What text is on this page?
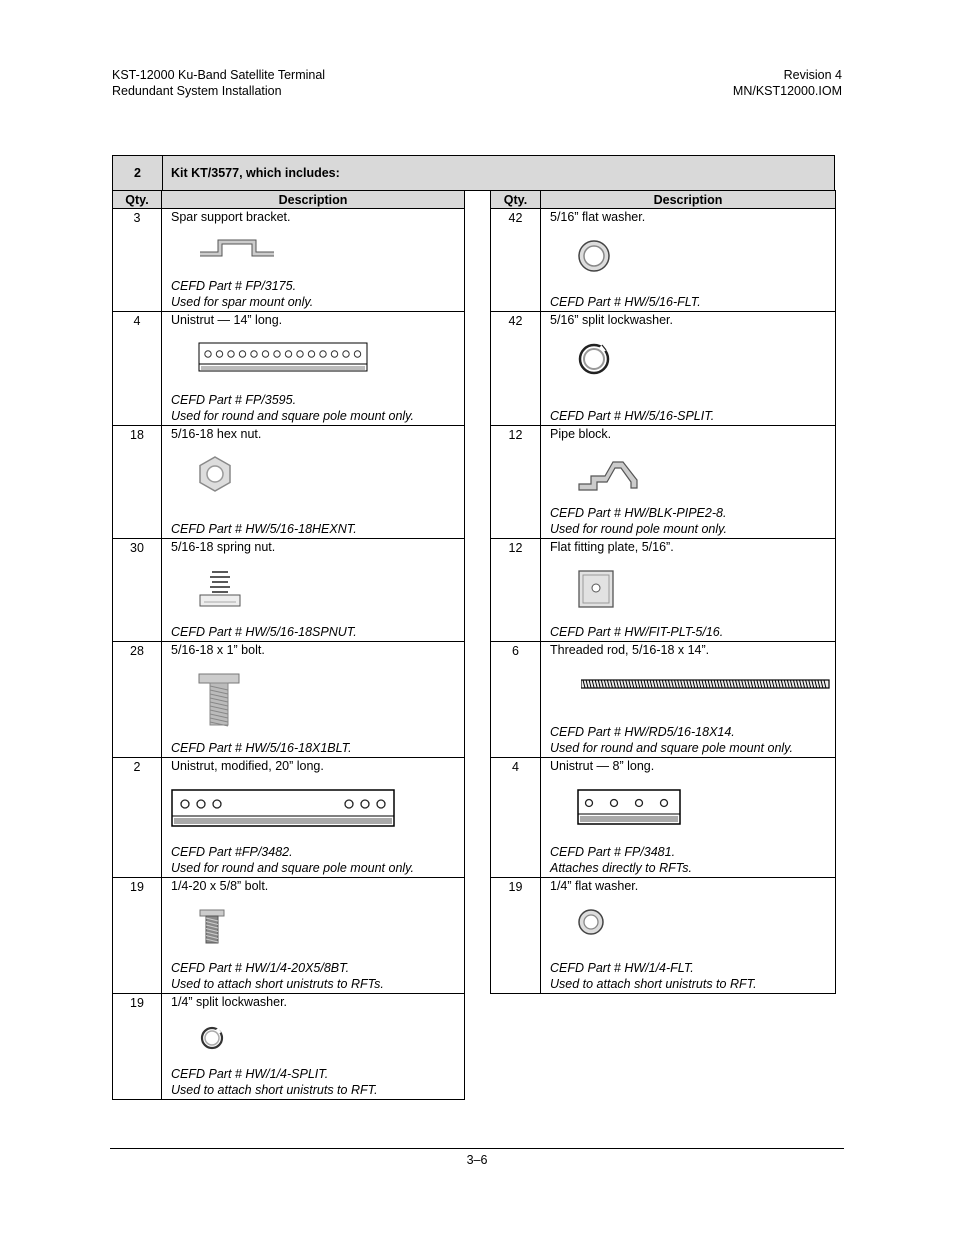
KST-12000 Ku-Band Satellite Terminal
Redundant System Installation
Revision 4
MN/KST12000.IOM
2	Kit KT/3577, which includes:
Qty.	Description
3	Spar support bracket.
CEFD Part # FP/3175.
Used for spar mount only.

4	Unistrut — 14” long.
CEFD Part # FP/3595.
Used for round and square pole mount only.

18	5/16-18 hex nut.
CEFD Part # HW/5/16-18HEXNT.

30	5/16-18 spring nut.
CEFD Part # HW/5/16-18SPNUT.

28	5/16-18 x 1” bolt.
CEFD Part # HW/5/16-18X1BLT.

2	Unistrut, modified, 20” long.
CEFD Part #FP/3482.
Used for round and square pole mount only.

19	1/4-20 x 5/8” bolt.
CEFD Part # HW/1/4-20X5/8BT.
Used to attach short unistruts to RFTs.

19	1/4” split lockwasher.
CEFD Part # HW/1/4-SPLIT.
Used to attach short unistruts to RFT.
Qty.	Description
42	5/16” flat washer.
CEFD Part # HW/5/16-FLT.

42	5/16” split lockwasher.
CEFD Part # HW/5/16-SPLIT.

12	Pipe block.
CEFD Part # HW/BLK-PIPE2-8.
Used for round pole mount only.

12	Flat fitting plate, 5/16”.
CEFD Part # HW/FIT-PLT-5/16.

6	Threaded rod, 5/16-18 x 14”.
CEFD Part # HW/RD5/16-18X14.
Used for round and square pole mount only.

4	Unistrut — 8” long.
CEFD Part # FP/3481.
Attaches directly to RFTs.

19	1/4” flat washer.
CEFD Part # HW/1/4-FLT.
Used to attach short unistruts to RFT.
3–6
